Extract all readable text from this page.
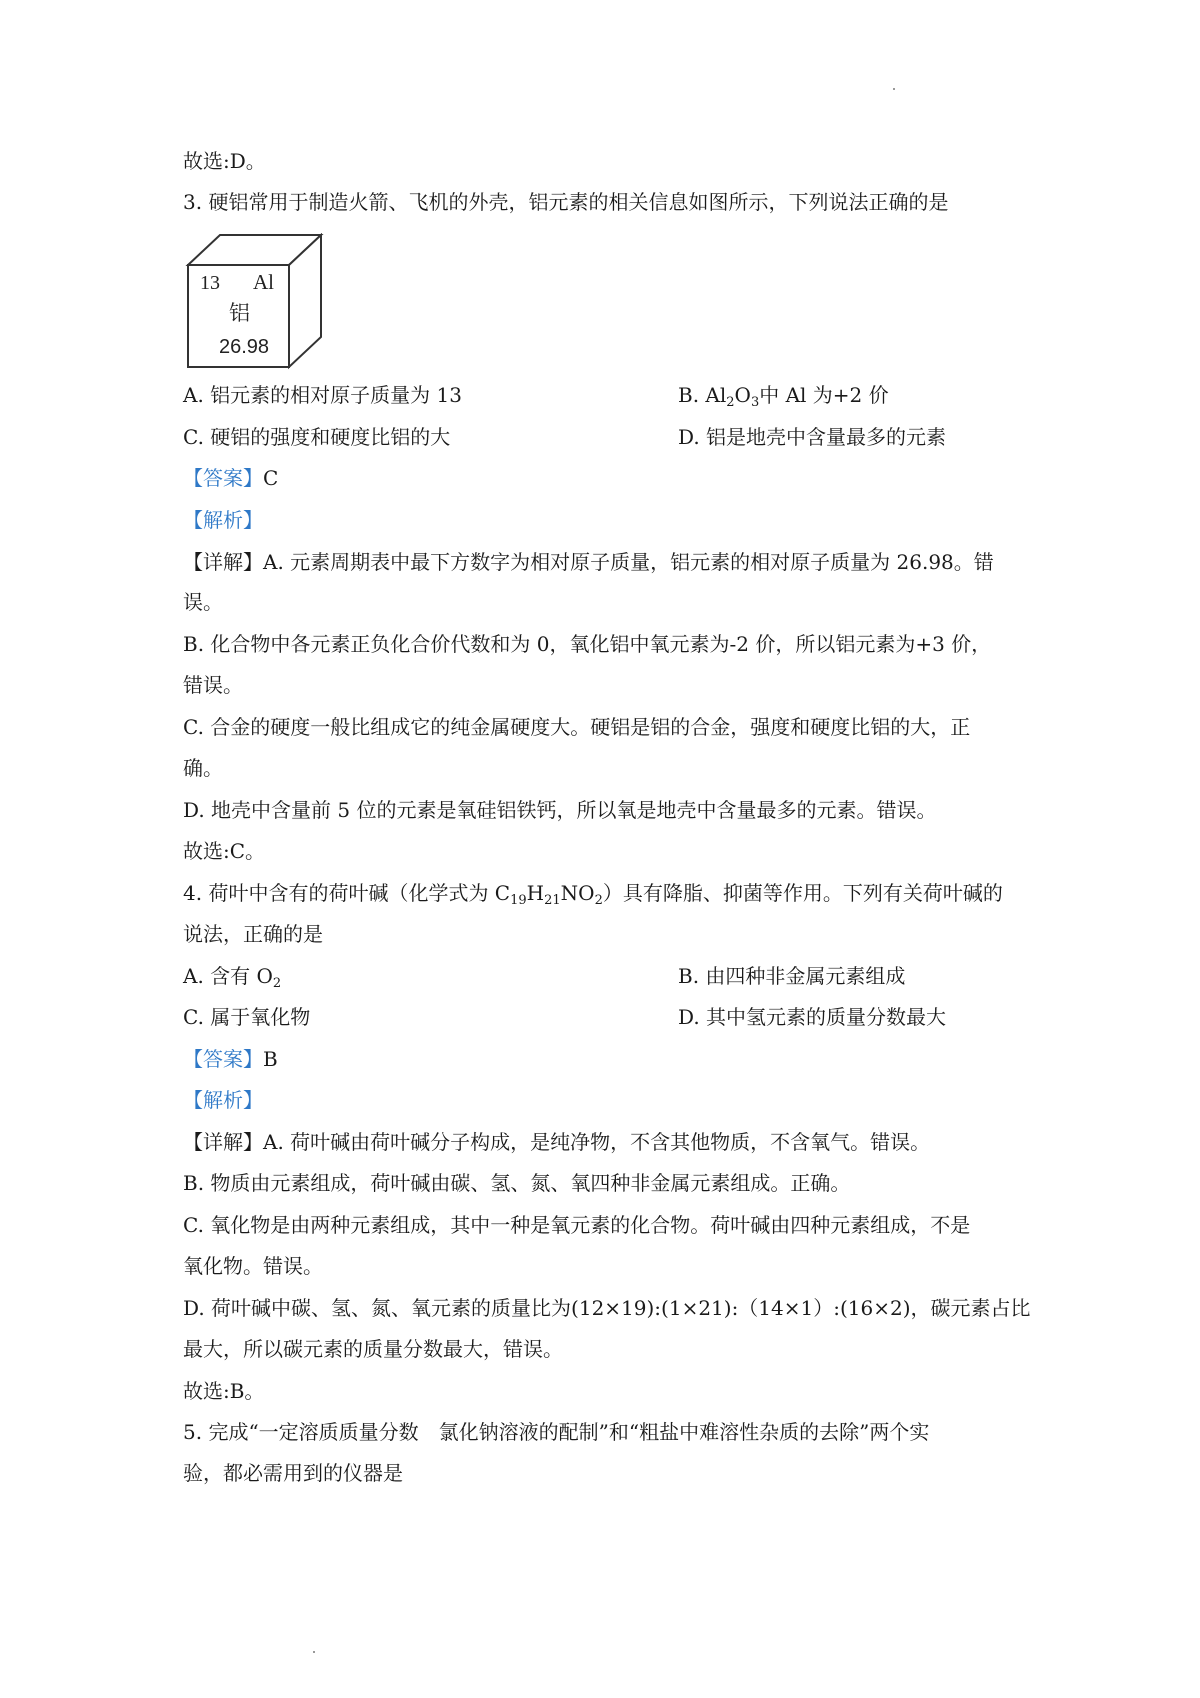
故选:D。
3. 硬铝常用于制造火箭、飞机的外壳，铝元素的相关信息如图所示，下列说法正确的是
13 Al
铝
26.98
A. 铝元素的相对原子质量为 13	B. $Al_2O_3$中 Al 为+2 价
C. 硬铝的强度和硬度比铝的大	D. 铝是地壳中含量最多的元素
【答案】C
【解析】
【详解】A. 元素周期表中最下方数字为相对原子质量，铝元素的相对原子质量为 26.98。错
误。
B. 化合物中各元素正负化合价代数和为 0，氧化铝中氧元素为-2 价，所以铝元素为+3 价，
错误。
C. 合金的硬度一般比组成它的纯金属硬度大。硬铝是铝的合金，强度和硬度比铝的大，正
确。
D. 地壳中含量前 5 位的元素是氧硅铝铁钙，所以氧是地壳中含量最多的元素。错误。
故选:C。
4. 荷叶中含有的荷叶碱（化学式为 $C_{19}H_{21}NO_2$）具有降脂、抑菌等作用。下列有关荷叶碱的
说法，正确的是
A. 含有 $O_2$	B. 由四种非金属元素组成
C. 属于氧化物	D. 其中氢元素的质量分数最大
【答案】B
【解析】
【详解】A. 荷叶碱由荷叶碱分子构成，是纯净物，不含其他物质，不含氧气。错误。
B. 物质由元素组成，荷叶碱由碳、氢、氮、氧四种非金属元素组成。正确。
C. 氧化物是由两种元素组成，其中一种是氧元素的化合物。荷叶碱由四种元素组成，不是
氧化物。错误。
D. 荷叶碱中碳、氢、氮、氧元素的质量比为(12×19):(1×21):（14×1）:(16×2)，碳元素占比
最大，所以碳元素的质量分数最大，错误。
故选:B。
5. 完成“一定溶质质量分数　氯化钠溶液的配制”和“粗盐中难溶性杂质的去除”两个实
验，都必需用到的仪器是
